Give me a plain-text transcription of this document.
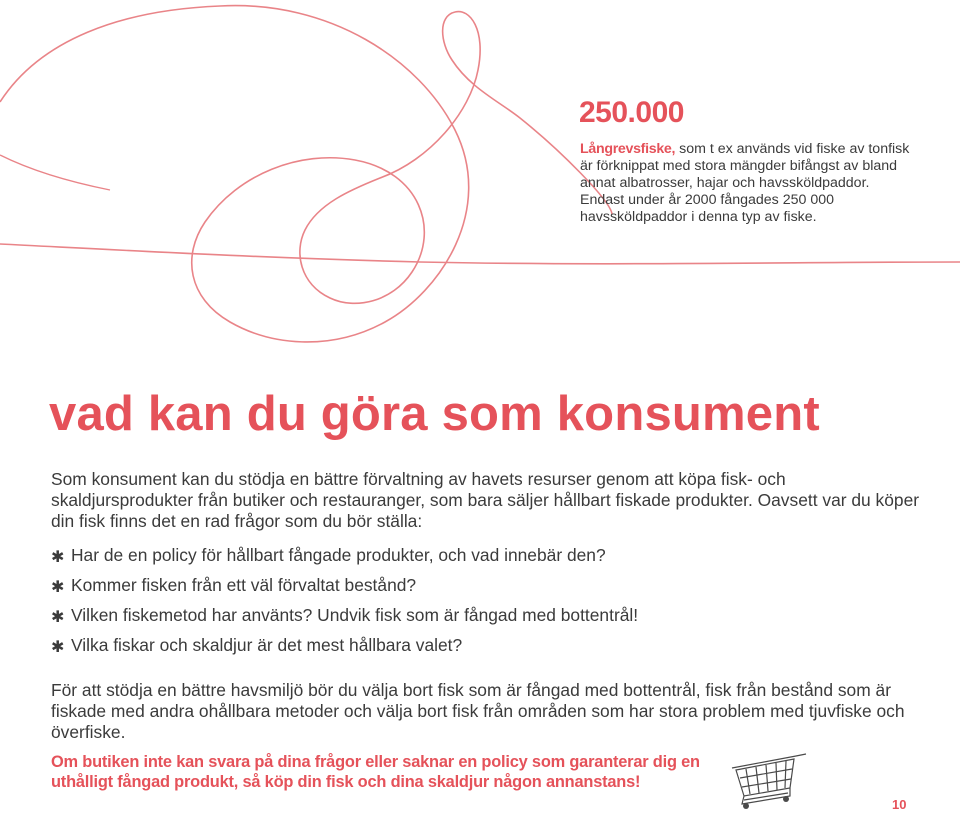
250.000
Långrevsfiske, som t ex används vid fiske av tonfisk är förknippat med stora mängder bifångst av bland annat albatrosser, hajar och havssköldpaddor. Endast under år 2000 fångades 250 000 havssköldpaddor i denna typ av fiske.
vad kan du göra som konsument
Som konsument kan du stödja en bättre förvaltning av havets resurser genom att köpa fisk- och skaldjursprodukter från butiker och restauranger, som bara säljer hållbart fiskade produkter. Oavsett var du köper din fisk finns det en rad frågor som du bör ställa:
✱ Har de en policy för hållbart fångade produkter, och vad innebär den?
✱ Kommer fisken från ett väl förvaltat bestånd?
✱ Vilken fiskemetod har använts? Undvik fisk som är fångad med bottentrål!
✱ Vilka fiskar och skaldjur är det mest hållbara valet?
För att stödja en bättre havsmiljö bör du välja bort fisk som är fångad med bottentrål, fisk från bestånd som är fiskade med andra ohållbara metoder och välja bort fisk från områden som har stora problem med tjuvfiske och överfiske.
Om butiken inte kan svara på dina frågor eller saknar en policy som garanterar dig en uthålligt fångad produkt, så köp din fisk och dina skaldjur någon annanstans!
10
